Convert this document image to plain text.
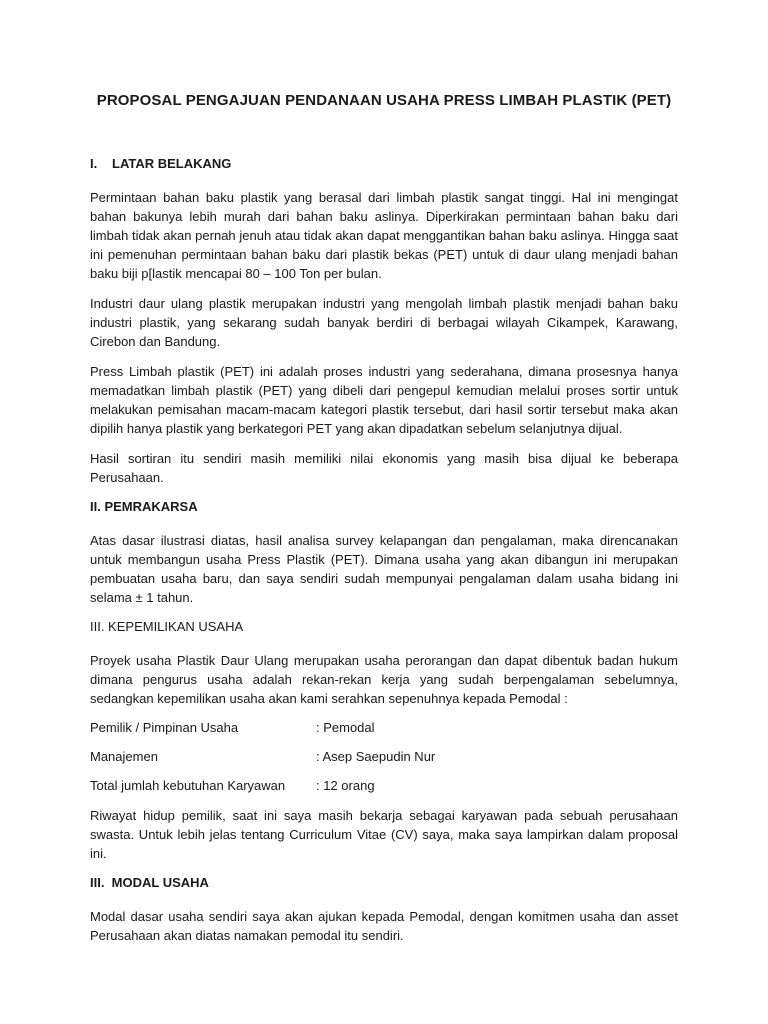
PROPOSAL PENGAJUAN PENDANAAN USAHA PRESS LIMBAH PLASTIK (PET)
I. LATAR BELAKANG

Permintaan bahan baku plastik yang berasal dari limbah plastik sangat tinggi. Hal ini mengingat bahan bakunya lebih murah dari bahan baku aslinya. Diperkirakan permintaan bahan baku dari limbah tidak akan pernah jenuh atau tidak akan dapat menggantikan bahan baku aslinya. Hingga saat ini pemenuhan permintaan bahan baku dari plastik bekas (PET) untuk di daur ulang menjadi bahan baku biji p[lastik mencapai 80 – 100 Ton per bulan.

Industri daur ulang plastik merupakan industri yang mengolah limbah plastik menjadi bahan baku industri plastik, yang sekarang sudah banyak berdiri di berbagai wilayah Cikampek, Karawang, Cirebon dan Bandung.

Press Limbah plastik (PET) ini adalah proses industri yang sederahana, dimana prosesnya hanya memadatkan limbah plastik (PET) yang dibeli dari pengepul kemudian melalui proses sortir untuk melakukan pemisahan macam-macam kategori plastik tersebut, dari hasil sortir tersebut maka akan dipilih hanya plastik yang berkategori PET yang akan dipadatkan sebelum selanjutnya dijual.

Hasil sortiran itu sendiri masih memiliki nilai ekonomis yang masih bisa dijual ke beberapa Perusahaan.

II. PEMRAKARSA

Atas dasar ilustrasi diatas, hasil analisa survey kelapangan dan pengalaman, maka direncanakan untuk membangun usaha Press Plastik (PET). Dimana usaha yang akan dibangun ini merupakan pembuatan usaha baru, dan saya sendiri sudah mempunyai pengalaman dalam usaha bidang ini selama ± 1 tahun.

III. KEPEMILIKAN USAHA

Proyek usaha Plastik Daur Ulang merupakan usaha perorangan dan dapat dibentuk badan hukum dimana pengurus usaha adalah rekan-rekan kerja yang sudah berpengalaman sebelumnya, sedangkan kepemilikan usaha akan kami serahkan sepenuhnya kepada Pemodal :

Pemilik / Pimpinan Usaha	: Pemodal
Manajemen	: Asep Saepudin Nur
Total jumlah kebutuhan Karyawan	: 12 orang

Riwayat hidup pemilik, saat ini saya masih bekarja sebagai karyawan pada sebuah perusahaan swasta. Untuk lebih jelas tentang Curriculum Vitae (CV) saya, maka saya lampirkan dalam proposal ini.

III.  MODAL USAHA

Modal dasar usaha sendiri saya akan ajukan kepada Pemodal, dengan komitmen usaha dan asset Perusahaan akan diatas namakan pemodal itu sendiri.
